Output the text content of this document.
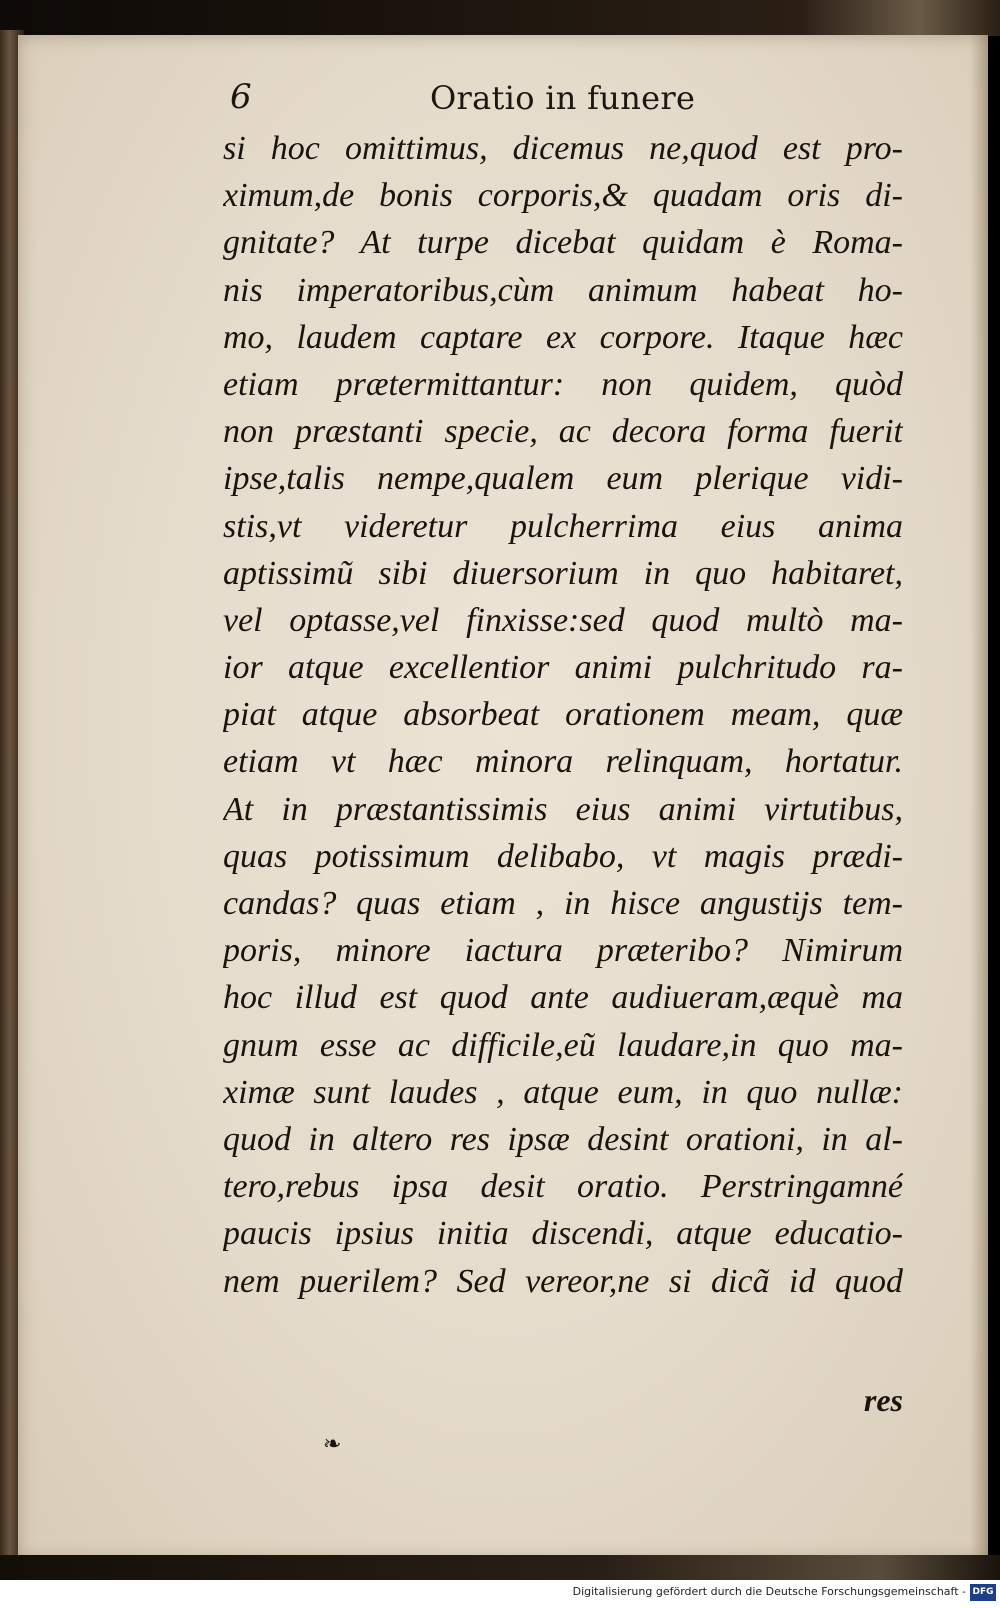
6	Oratio in funere
si hoc omittimus, dicemus ne,quod est pro-
ximum,de bonis corporis,& quadam oris di-
gnitate? At turpe dicebat quidam è Roma-
nis imperatoribus,cùm animum habeat ho-
mo, laudem captare ex corpore. Itaque hæc
etiam prætermittantur: non quidem, quòd
non præstanti specie, ac decora forma fuerit
ipse,talis nempe,qualem eum plerique vidi-
stis,vt videretur pulcherrima eius anima
aptissimũ sibi diuersorium in quo habitaret,
vel optasse,vel finxisse:sed quod multò ma-
ior atque excellentior animi pulchritudo ra-
piat atque absorbeat orationem meam, quæ
etiam vt hæc minora relinquam, hortatur.
At in præstantissimis eius animi virtutibus,
quas potissimum delibabo, vt magis prædi-
candas? quas etiam , in hisce angustijs tem-
poris, minore iactura præteribo? Nimirum
hoc illud est quod ante audiueram,æquè ma
gnum esse ac difficile,eũ laudare,in quo ma-
ximæ sunt laudes , atque eum, in quo nullæ:
quod in altero res ipsæ desint orationi, in al-
tero,rebus ipsa desit oratio. Perstringamné
paucis ipsius initia discendi, atque educatio-
nem puerilem? Sed vereor,ne si dicã id quod
res
❧
Digitalisierung gefördert durch die Deutsche Forschungsgemeinschaft - DFG
